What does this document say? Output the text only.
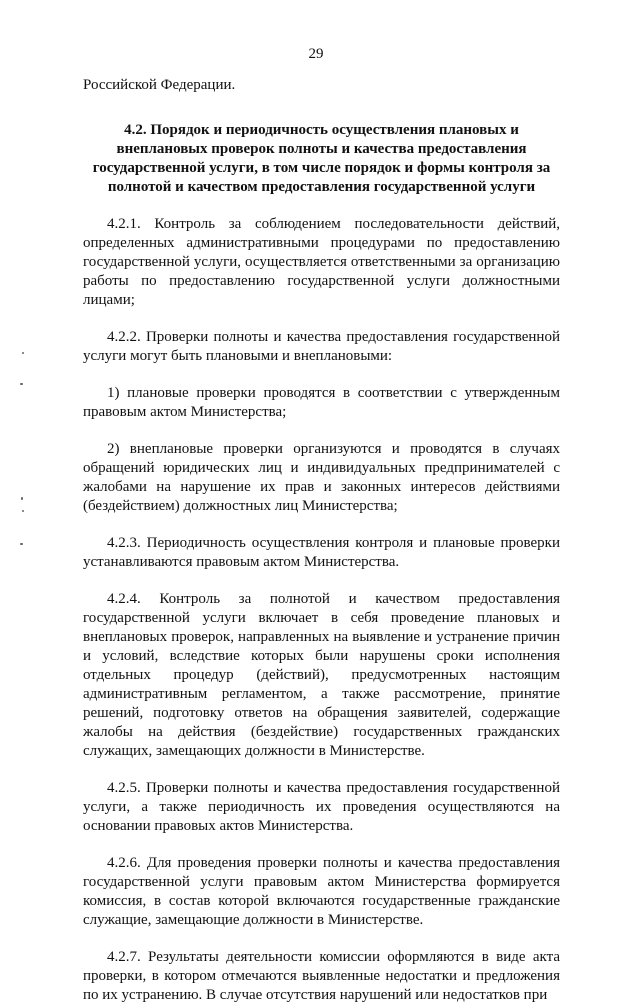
29

Российской Федерации.

4.2. Порядок и периодичность осуществления плановых и внеплановых проверок полноты и качества предоставления государственной услуги, в том числе порядок и формы контроля за полнотой и качеством предоставления государственной услуги

4.2.1. Контроль за соблюдением последовательности действий, определенных административными процедурами по предоставлению государственной услуги, осуществляется ответственными за организацию работы по предоставлению государственной услуги должностными лицами;

4.2.2. Проверки полноты и качества предоставления государственной услуги могут быть плановыми и внеплановыми:

1) плановые проверки проводятся в соответствии с утвержденным правовым актом Министерства;

2) внеплановые проверки организуются и проводятся в случаях обращений юридических лиц и индивидуальных предпринимателей с жалобами на нарушение их прав и законных интересов действиями (бездействием) должностных лиц Министерства;

4.2.3. Периодичность осуществления контроля и плановые проверки устанавливаются правовым актом Министерства.

4.2.4. Контроль за полнотой и качеством предоставления государственной услуги включает в себя проведение плановых и внеплановых проверок, направленных на выявление и устранение причин и условий, вследствие которых были нарушены сроки исполнения отдельных процедур (действий), предусмотренных настоящим административным регламентом, а также рассмотрение, принятие решений, подготовку ответов на обращения заявителей, содержащие жалобы на действия (бездействие) государственных гражданских служащих, замещающих должности в Министерстве.

4.2.5. Проверки полноты и качества предоставления государственной услуги, а также периодичность их проведения осуществляются на основании правовых актов Министерства.

4.2.6. Для проведения проверки полноты и качества предоставления государственной услуги правовым актом Министерства формируется комиссия, в состав которой включаются государственные гражданские служащие, замещающие должности в Министерстве.

4.2.7. Результаты деятельности комиссии оформляются в виде акта проверки, в котором отмечаются выявленные недостатки и предложения по их устранению. В случае отсутствия нарушений или недостатков при
